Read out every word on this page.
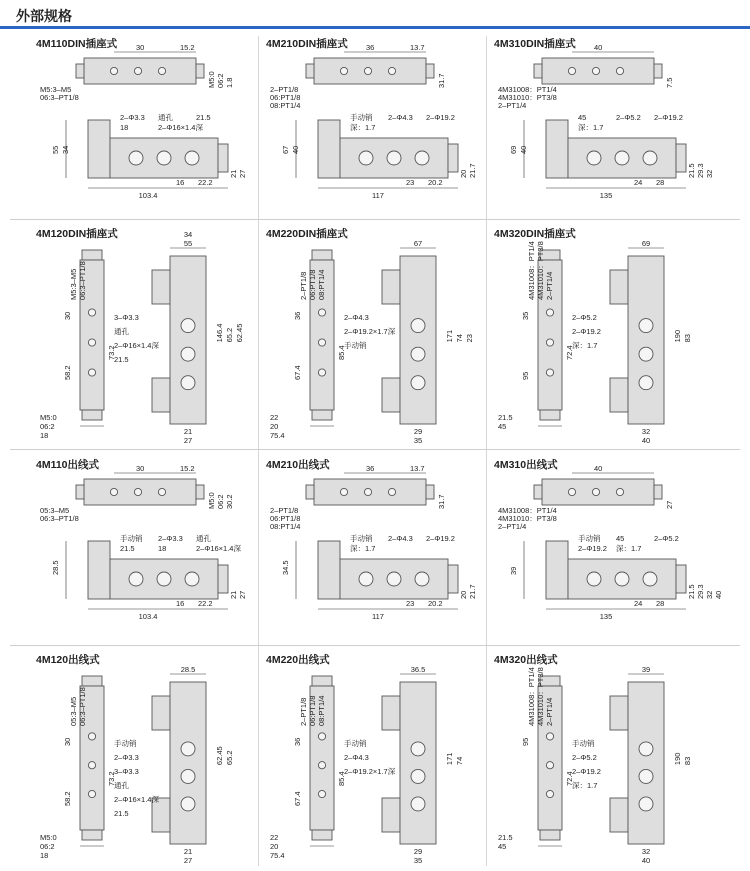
外部规格
4M110DIN插座式	30	15.2
M5:0 06:2 1.8
M5:3–M5
06:3–PT1/8
55 34
103.4
16 22.2
21 27
2–Φ3.3 通孔	21.5
18	2–Φ16×1.4深
4M210DIN插座式 36	13.7
31.7
2–PT1/8
06:PT1/8
08:PT1/4
67 40
117
23 20.2
20 21.7
手动销 2–Φ4.3 2–Φ19.2
深：1.7
4M310DIN插座式 40
7.5
4M31008：PT1/4
4M31010：PT3/8
2–PT1/4
69 40
135
24 28
21.5 29.3 32
45	2–Φ5.2 2–Φ19.2
深：1.7
4M120DIN插座式
M5:3–M5 06:3–PT1/8
30
58.2
73.2
55
34
146.4 65.2 62.45
21
27
M5:0
06:2
18
3–Φ3.3
通孔
2–Φ16×1.4深
21.5
4M220DIN插座式
2–PT1/8 06:PT1/8 08:PT1/4
36
67.4
85.4
67
171 74 23
29
35
22
20
75.4
2–Φ4.3
2–Φ19.2×1.7深
手动销
4M320DIN插座式
4M31008：PT1/4 4M31010：PT3/8 2–PT1/4
35
95
72.4
69
190 83
32
40
21.5
45
2–Φ5.2
2–Φ19.2
深：1.7
4M110出线式	30	15.2
M5:0 06:2 30.2
05:3–M5
06:3–PT1/8
28.5
103.4
16 22.2
21 27
手动销 2–Φ3.3 通孔
21.5	18	2–Φ16×1.4深
4M210出线式	36	13.7
31.7
2–PT1/8
06:PT1/8
08:PT1/4
34.5
117
23 20.2
20 21.7
手动销 2–Φ4.3 2–Φ19.2
深：1.7
4M310出线式	40
27
4M31008：PT1/4
4M31010：PT3/8
2–PT1/4
39
135
24 28
21.5 29.3 32 40
手动销 45	2–Φ5.2
2–Φ19.2 深：1.7
4M120出线式
05:3–M5 06:3–PT1/8
30
58.2
73.2
28.5
62.45 65.2
21
27
M5:0
06:2
18
手动销
2–Φ3.3
3–Φ3.3
通孔
2–Φ16×1.4深
21.5
4M220出线式
2–PT1/8 06:PT1/8 08:PT1/4
36
67.4
85.4
36.5
171 74
29
35
22
20
75.4
手动销
2–Φ4.3
2–Φ19.2×1.7深
4M320出线式
4M31008：PT1/4 4M31010：PT3/8 2–PT1/4
95
72.4
39
190 83
32
40
21.5
45
手动销
2–Φ5.2
2–Φ19.2
深：1.7
